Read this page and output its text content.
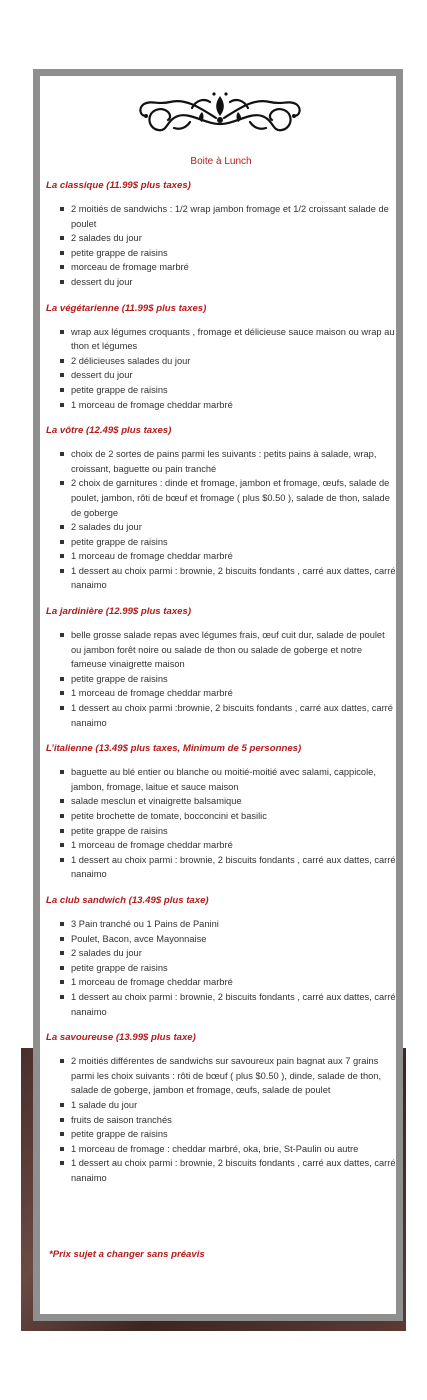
Boite à Lunch
La classique (11.99$ plus taxes)
2 moitiés de sandwichs : 1/2 wrap jambon fromage et 1/2 croissant salade de poulet
2 salades du jour
petite grappe de raisins
morceau de fromage marbré
dessert du jour
La végétarienne (11.99$ plus taxes)
wrap aux légumes croquants , fromage et délicieuse sauce maison ou wrap au thon et légumes
2 délicieuses salades du jour
dessert du jour
petite grappe de raisins
1 morceau de fromage cheddar marbré
La vôtre (12.49$ plus taxes)
choix de 2 sortes de pains parmi les suivants : petits pains à salade, wrap, croissant, baguette ou pain tranché
2 choix de garnitures : dinde et fromage, jambon et fromage, œufs, salade de poulet, jambon, rôti de bœuf et fromage ( plus $0.50 ), salade de thon, salade de goberge
2 salades du jour
petite grappe de raisins
1 morceau de fromage cheddar marbré
1 dessert au choix parmi : brownie, 2 biscuits fondants , carré aux dattes, carré nanaimo
La jardinière (12.99$ plus taxes)
belle grosse salade repas avec légumes frais, œuf cuit dur, salade de poulet ou jambon forêt noire ou salade de thon ou salade de goberge et notre fameuse vinaigrette maison
petite grappe de raisins
1 morceau de fromage cheddar marbré
1 dessert au choix parmi :brownie, 2 biscuits fondants , carré aux dattes, carré nanaimo
L’italienne (13.49$ plus taxes, Minimum de 5 personnes)
baguette au blé entier ou blanche ou moitié-moitié avec salami, cappicole, jambon, fromage, laitue et sauce maison
salade mesclun et vinaigrette balsamique
petite brochette de tomate, bocconcini et basilic
petite grappe de raisins
1 morceau de fromage cheddar marbré
1 dessert au choix parmi : brownie, 2 biscuits fondants , carré aux dattes, carré nanaimo
La club sandwich (13.49$ plus taxe)
3 Pain tranché ou 1 Pains de Panini
Poulet, Bacon, avce Mayonnaise
2 salades du jour
petite grappe de raisins
1 morceau de fromage cheddar marbré
1 dessert au choix parmi : brownie, 2 biscuits fondants , carré aux dattes, carré nanaimo
La savoureuse (13.99$ plus taxe)
2 moitiés différentes de sandwichs sur savoureux pain bagnat aux 7 grains parmi les choix suivants : rôti de bœuf ( plus $0.50 ), dinde, salade de thon, salade de goberge, jambon et fromage, œufs, salade de poulet
1 salade du jour
fruits de saison tranchés
petite grappe de raisins
1 morceau de fromage : cheddar marbré, oka, brie, St-Paulin ou autre
1 dessert au choix parmi : brownie, 2 biscuits fondants , carré aux dattes, carré nanaimo
*Prix sujet a changer sans préavis
